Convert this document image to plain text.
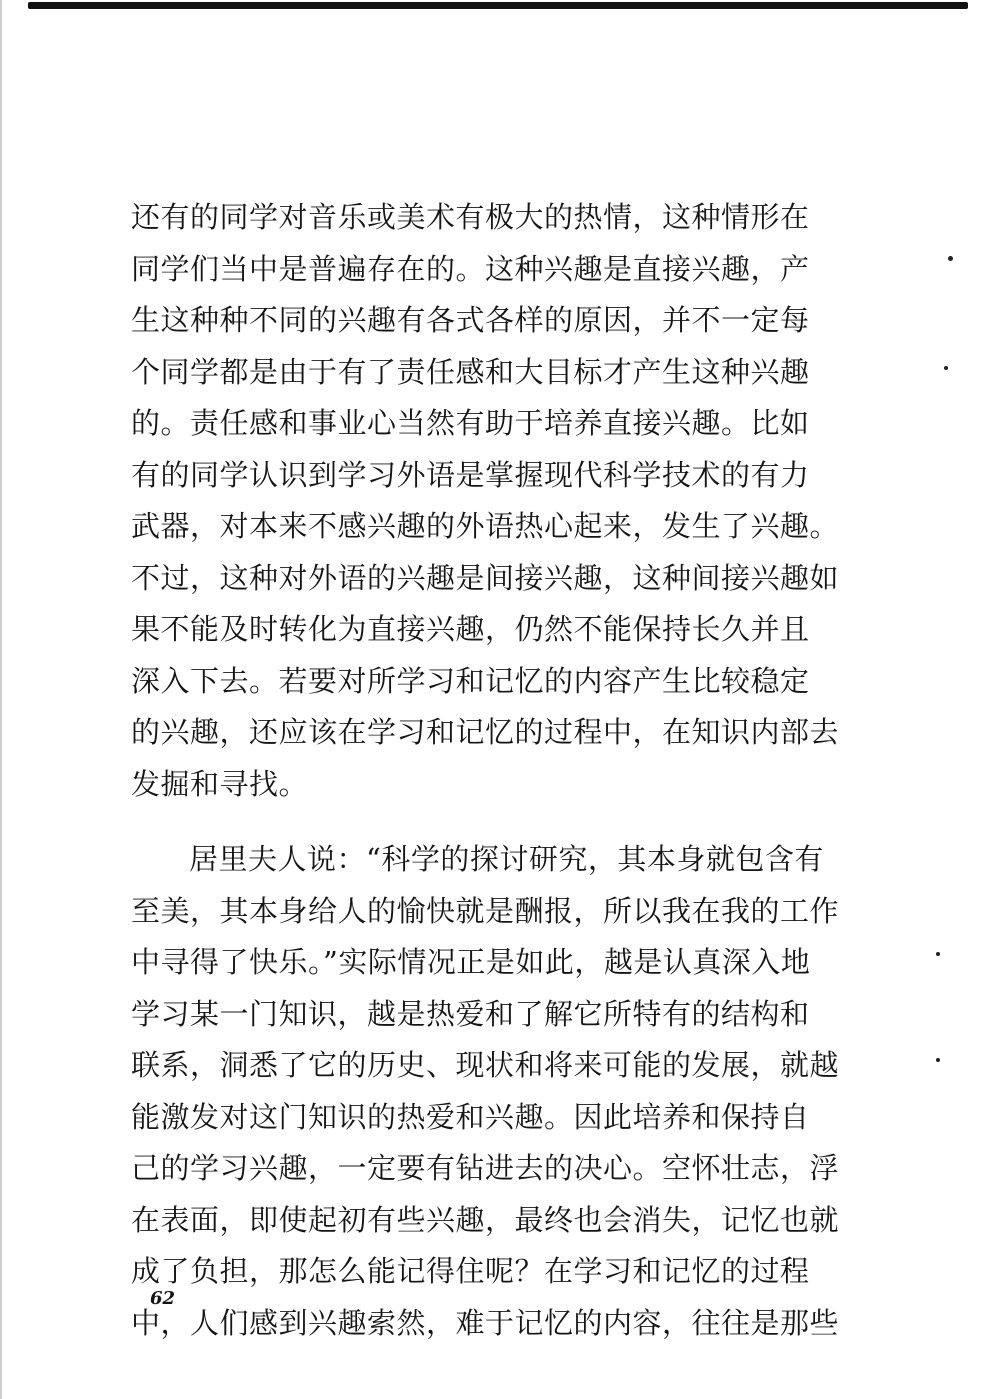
还有的同学对音乐或美术有极大的热情，这种情形在
同学们当中是普遍存在的。这种兴趣是直接兴趣，产
生这种种不同的兴趣有各式各样的原因，并不一定每
个同学都是由于有了责任感和大目标才产生这种兴趣
的。责任感和事业心当然有助于培养直接兴趣。比如
有的同学认识到学习外语是掌握现代科学技术的有力
武器，对本来不感兴趣的外语热心起来，发生了兴趣。
不过，这种对外语的兴趣是间接兴趣，这种间接兴趣如
果不能及时转化为直接兴趣，仍然不能保持长久并且
深入下去。若要对所学习和记忆的内容产生比较稳定
的兴趣，还应该在学习和记忆的过程中，在知识内部去
发掘和寻找。
居里夫人说：“科学的探讨研究，其本身就包含有
至美，其本身给人的愉快就是酬报，所以我在我的工作
中寻得了快乐。”实际情况正是如此，越是认真深入地
学习某一门知识，越是热爱和了解它所特有的结构和
联系，洞悉了它的历史、现状和将来可能的发展，就越
能激发对这门知识的热爱和兴趣。因此培养和保持自
己的学习兴趣，一定要有钻进去的决心。空怀壮志，浮
在表面，即使起初有些兴趣，最终也会消失，记忆也就
成了负担，那怎么能记得住呢？在学习和记忆的过程
中，人们感到兴趣索然，难于记忆的内容，往往是那些
62
